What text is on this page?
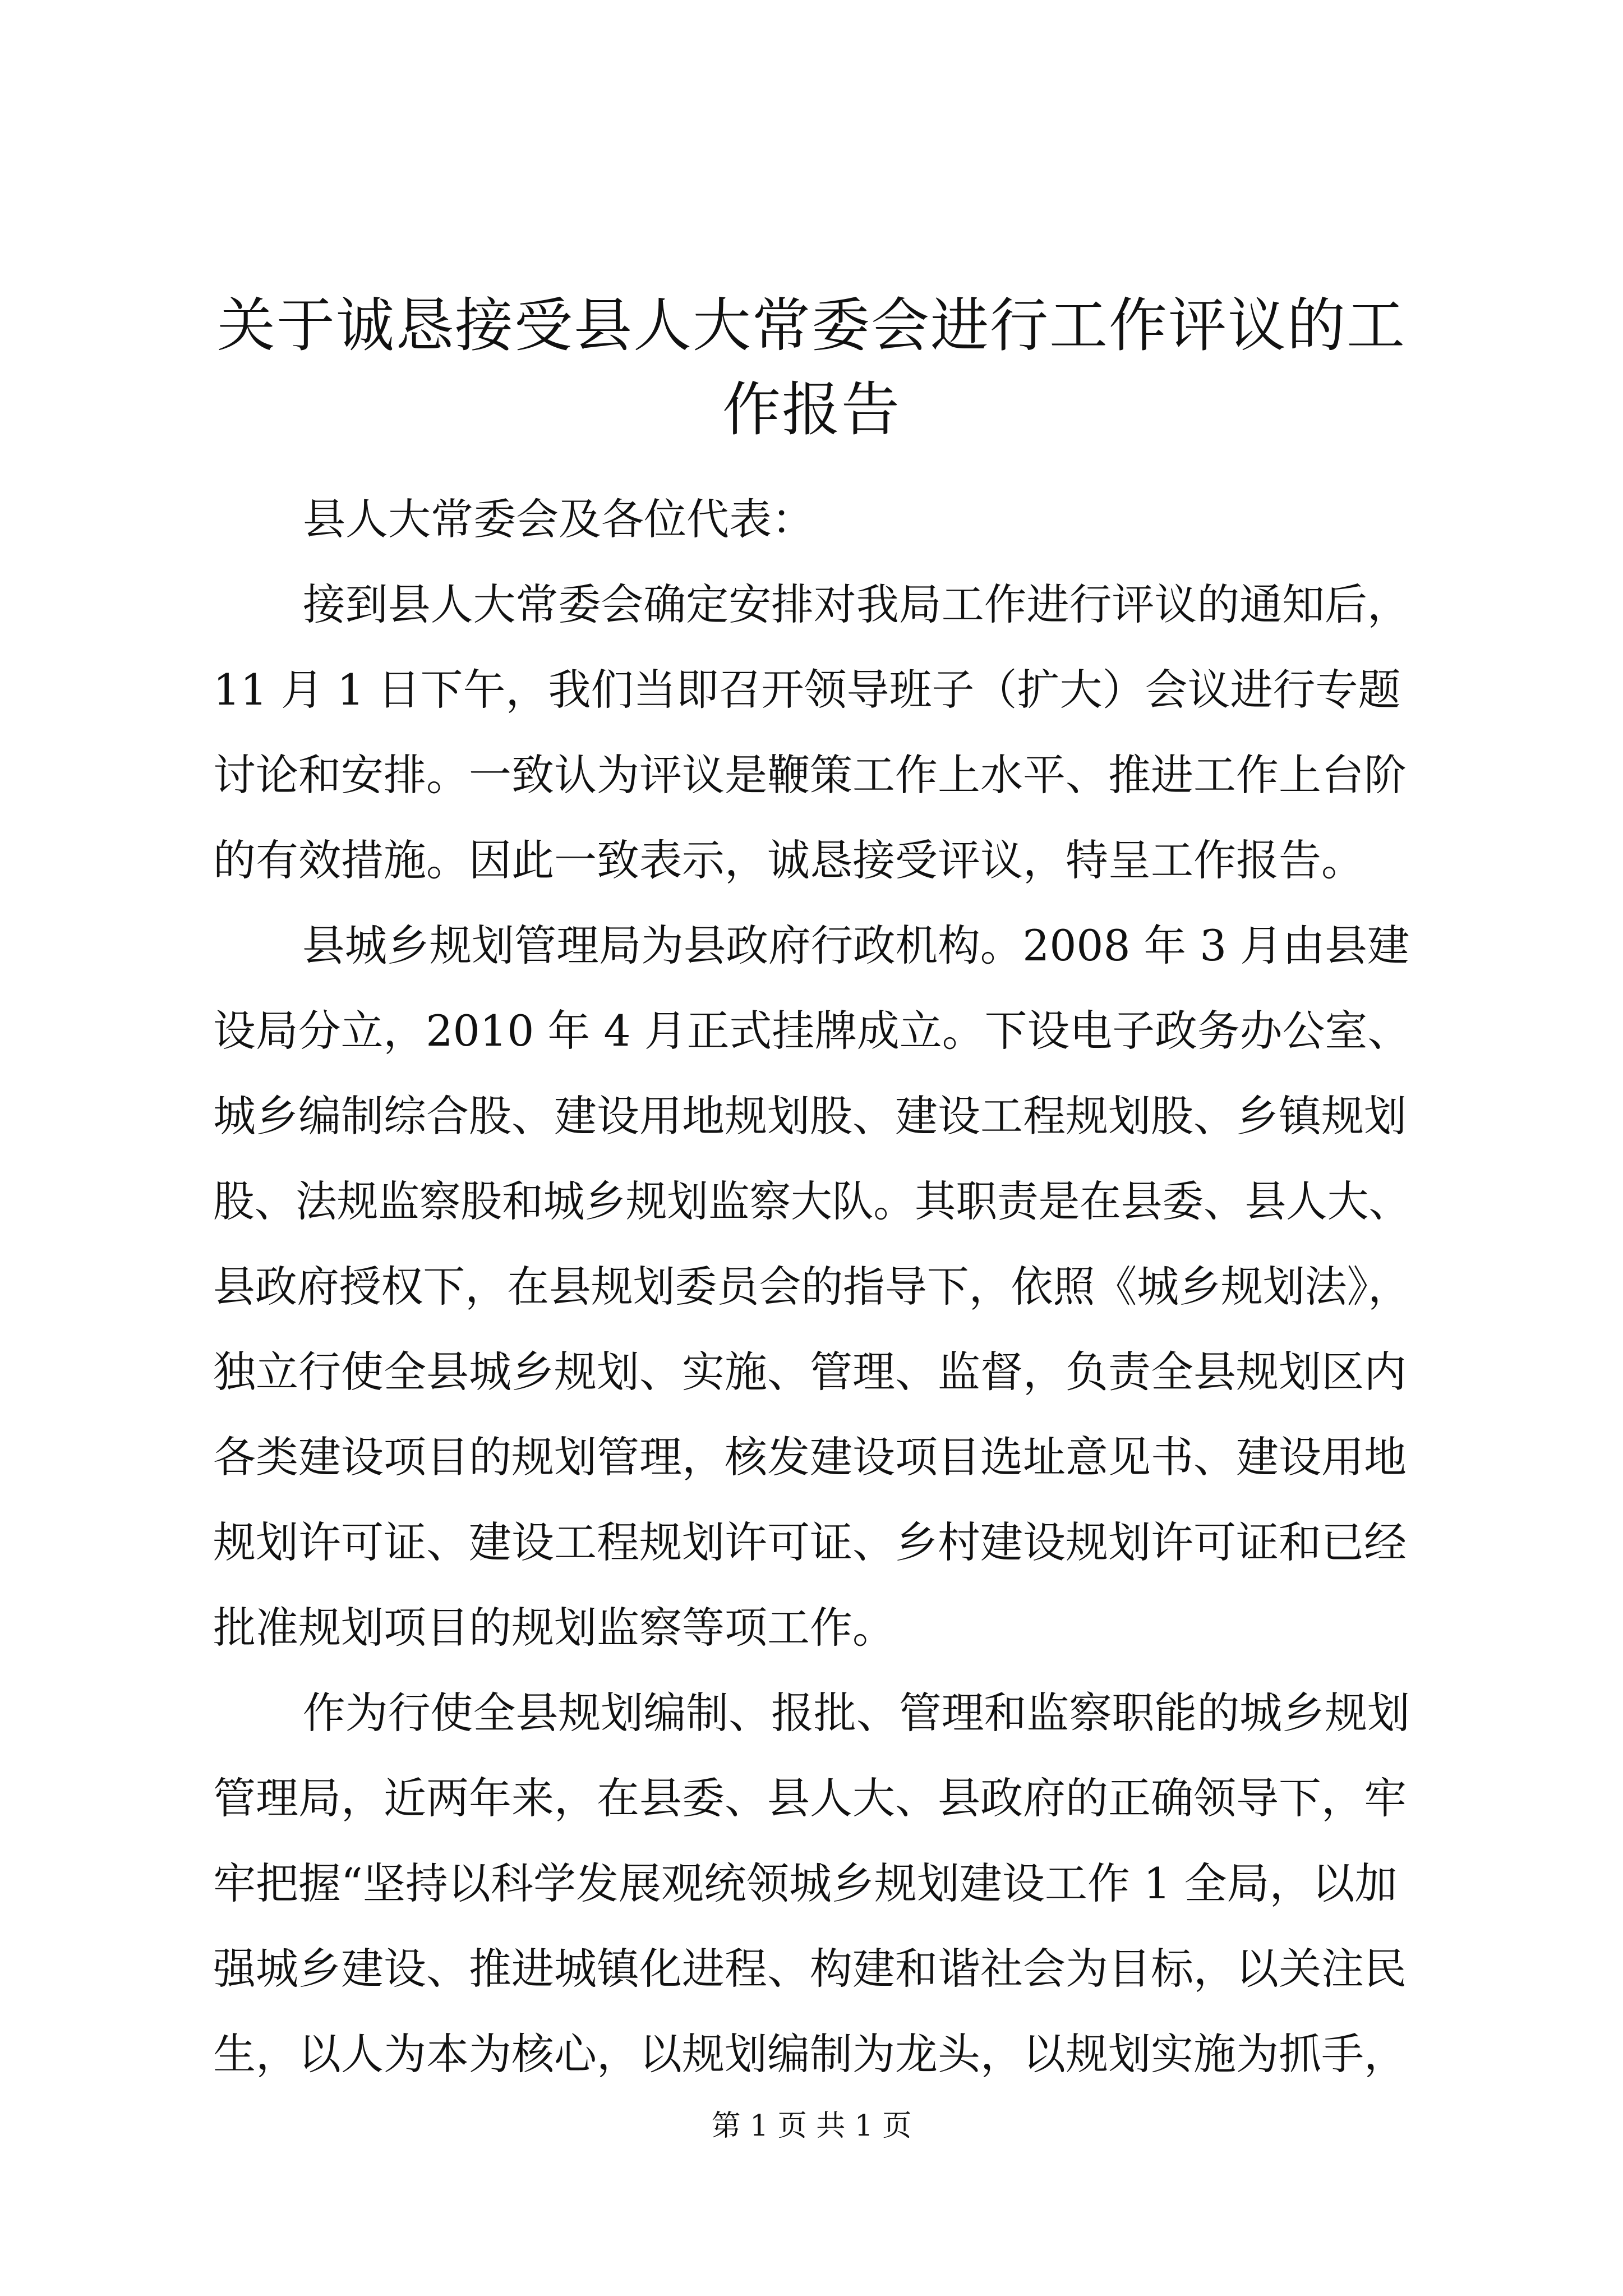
关于诚恳接受县人大常委会进行工作评议的工
作报告
县人大常委会及各位代表：
接到县人大常委会确定安排对我局工作进行评议的通知后，
11 月 1 日下午，我们当即召开领导班子（扩大）会议进行专题
讨论和安排。一致认为评议是鞭策工作上水平、推进工作上台阶
的有效措施。因此一致表示，诚恳接受评议，特呈工作报告。
县城乡规划管理局为县政府行政机构。2008 年 3 月由县建
设局分立，2010 年 4 月正式挂牌成立。下设电子政务办公室、
城乡编制综合股、建设用地规划股、建设工程规划股、乡镇规划
股、法规监察股和城乡规划监察大队。其职责是在县委、县人大、
县政府授权下，在县规划委员会的指导下，依照《城乡规划法》，
独立行使全县城乡规划、实施、管理、监督，负责全县规划区内
各类建设项目的规划管理，核发建设项目选址意见书、建设用地
规划许可证、建设工程规划许可证、乡村建设规划许可证和已经
批准规划项目的规划监察等项工作。
作为行使全县规划编制、报批、管理和监察职能的城乡规划
管理局，近两年来，在县委、县人大、县政府的正确领导下，牢
牢把握“坚持以科学发展观统领城乡规划建设工作 1 全局，以加
强城乡建设、推进城镇化进程、构建和谐社会为目标，以关注民
生，以人为本为核心，以规划编制为龙头，以规划实施为抓手，
第 1 页 共 1 页
